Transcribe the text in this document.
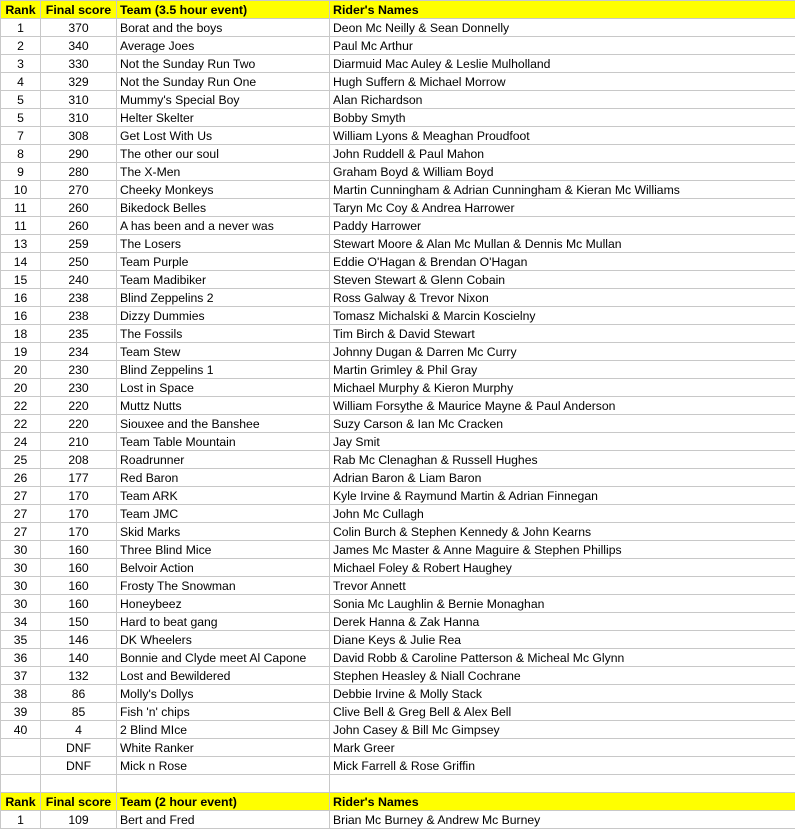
Rank	Final score	Team (3.5 hour event)	Rider's Names
1	370	Borat and the boys	Deon Mc Neilly & Sean Donnelly
2	340	Average Joes	Paul Mc Arthur
3	330	Not the Sunday Run Two	Diarmuid Mac Auley & Leslie Mulholland
4	329	Not the Sunday Run One	Hugh Suffern & Michael Morrow
5	310	Mummy's Special Boy	Alan Richardson
5	310	Helter Skelter	Bobby Smyth
7	308	Get Lost With Us	William Lyons & Meaghan Proudfoot
8	290	The other our soul	John Ruddell & Paul Mahon
9	280	The X-Men	Graham Boyd & William Boyd
10	270	Cheeky Monkeys	Martin Cunningham & Adrian Cunningham & Kieran Mc Williams
11	260	Bikedock Belles	Taryn Mc Coy & Andrea Harrower
11	260	A has been and a never was	Paddy Harrower
13	259	The Losers	Stewart Moore & Alan Mc Mullan & Dennis Mc Mullan
14	250	Team Purple	Eddie O'Hagan & Brendan O'Hagan
15	240	Team Madibiker	Steven Stewart & Glenn Cobain
16	238	Blind Zeppelins 2	Ross Galway & Trevor Nixon
16	238	Dizzy Dummies	Tomasz Michalski & Marcin Koscielny
18	235	The Fossils	Tim Birch & David Stewart
19	234	Team Stew	Johnny Dugan & Darren Mc Curry
20	230	Blind Zeppelins 1	Martin Grimley & Phil Gray
20	230	Lost in Space	Michael Murphy & Kieron Murphy
22	220	Muttz Nutts	William Forsythe & Maurice Mayne & Paul Anderson
22	220	Siouxee and the Banshee	Suzy Carson & Ian Mc Cracken
24	210	Team Table Mountain	Jay Smit
25	208	Roadrunner	Rab Mc Clenaghan & Russell Hughes
26	177	Red Baron	Adrian Baron & Liam Baron
27	170	Team ARK	Kyle Irvine & Raymund Martin & Adrian Finnegan
27	170	Team JMC	John Mc Cullagh
27	170	Skid Marks	Colin Burch & Stephen Kennedy & John Kearns
30	160	Three Blind Mice	James Mc Master & Anne Maguire & Stephen Phillips
30	160	Belvoir Action	Michael Foley & Robert Haughey
30	160	Frosty The Snowman	Trevor Annett
30	160	Honeybeez	Sonia Mc Laughlin & Bernie Monaghan
34	150	Hard to beat gang	Derek Hanna & Zak Hanna
35	146	DK Wheelers	Diane Keys & Julie Rea
36	140	Bonnie and Clyde meet Al Capone	David Robb & Caroline Patterson & Micheal Mc Glynn
37	132	Lost and Bewildered	Stephen Heasley & Niall Cochrane
38	86	Molly's Dollys	Debbie Irvine & Molly Stack
39	85	Fish 'n' chips	Clive Bell & Greg Bell & Alex Bell
40	4	2 Blind MIce	John Casey & Bill Mc Gimpsey
	DNF	White Ranker	Mark Greer
	DNF	Mick n Rose	Mick Farrell & Rose Griffin

Rank	Final score	Team (2 hour event)	Rider's Names
1	109	Bert and Fred	Brian Mc Burney & Andrew Mc Burney
